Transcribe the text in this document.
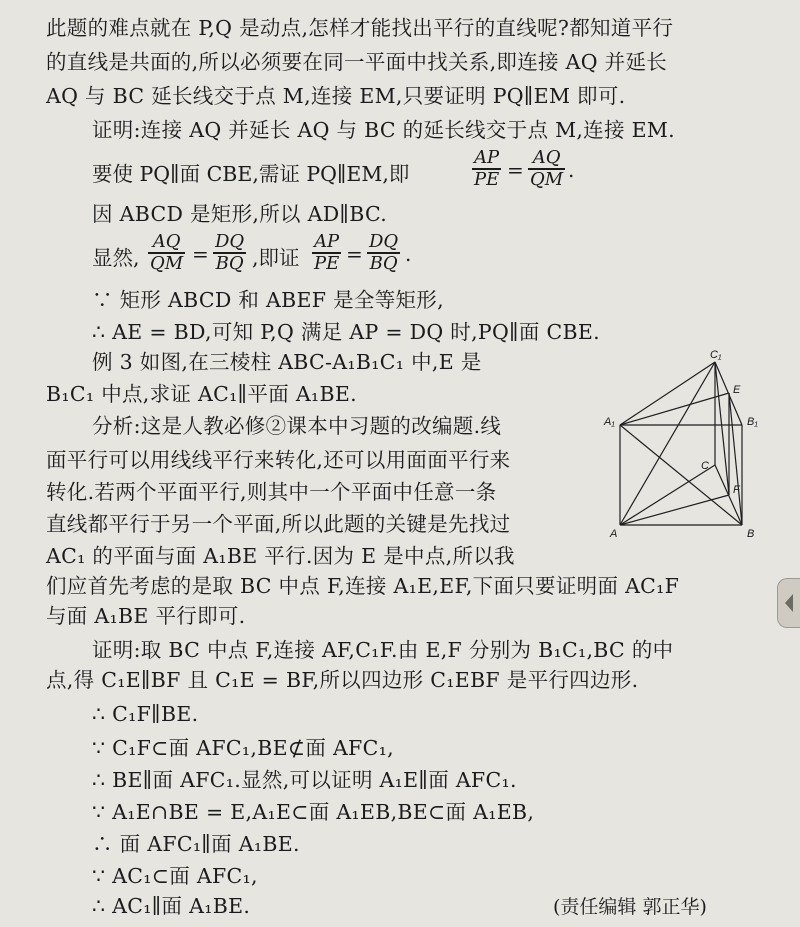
此题的难点就在 P,Q 是动点,怎样才能找出平行的直线呢?都知道平行
的直线是共面的,所以必须要在同一平面中找关系,即连接 AQ 并延长
AQ 与 BC 延长线交于点 M,连接 EM,只要证明 PQ∥EM 即可.
证明:连接 AQ 并延长 AQ 与 BC 的延长线交于点 M,连接 EM.
要使 PQ∥面 CBE,需证 PQ∥EM,即
AP
PE =
AQ
QM .
因 ABCD 是矩形,所以 AD∥BC.
显然,
AQ
QM =
DQ
BQ ,即证
AP
PE =
DQ
BQ .
∵ 矩形 ABCD 和 ABEF 是全等矩形,
∴ AE = BD,可知 P,Q 满足 AP = DQ 时,PQ∥面 CBE.
例 3 如图,在三棱柱 ABC-A₁B₁C₁ 中,E 是
B₁C₁ 中点,求证 AC₁∥平面 A₁BE.
分析:这是人教必修②课本中习题的改编题.线
面平行可以用线线平行来转化,还可以用面面平行来
转化.若两个平面平行,则其中一个平面中任意一条
直线都平行于另一个平面,所以此题的关键是先找过
AC₁ 的平面与面 A₁BE 平行.因为 E 是中点,所以我
们应首先考虑的是取 BC 中点 F,连接 A₁E,EF,下面只要证明面 AC₁F
与面 A₁BE 平行即可.
证明:取 BC 中点 F,连接 AF,C₁F.由 E,F 分别为 B₁C₁,BC 的中
点,得 C₁E∥BF 且 C₁E = BF,所以四边形 C₁EBF 是平行四边形.
∴ C₁F∥BE.
∵ C₁F⊂面 AFC₁,BE⊄面 AFC₁,
∴ BE∥面 AFC₁.显然,可以证明 A₁E∥面 AFC₁.
∵ A₁E∩BE = E,A₁E⊂面 A₁EB,BE⊂面 A₁EB,
∴ 面 AFC₁∥面 A₁BE.
∵ AC₁⊂面 AFC₁,
∴ AC₁∥面 A₁BE.	(责任编辑 郭正华)
C₁
E
A₁	B₁
C
F
A	B
